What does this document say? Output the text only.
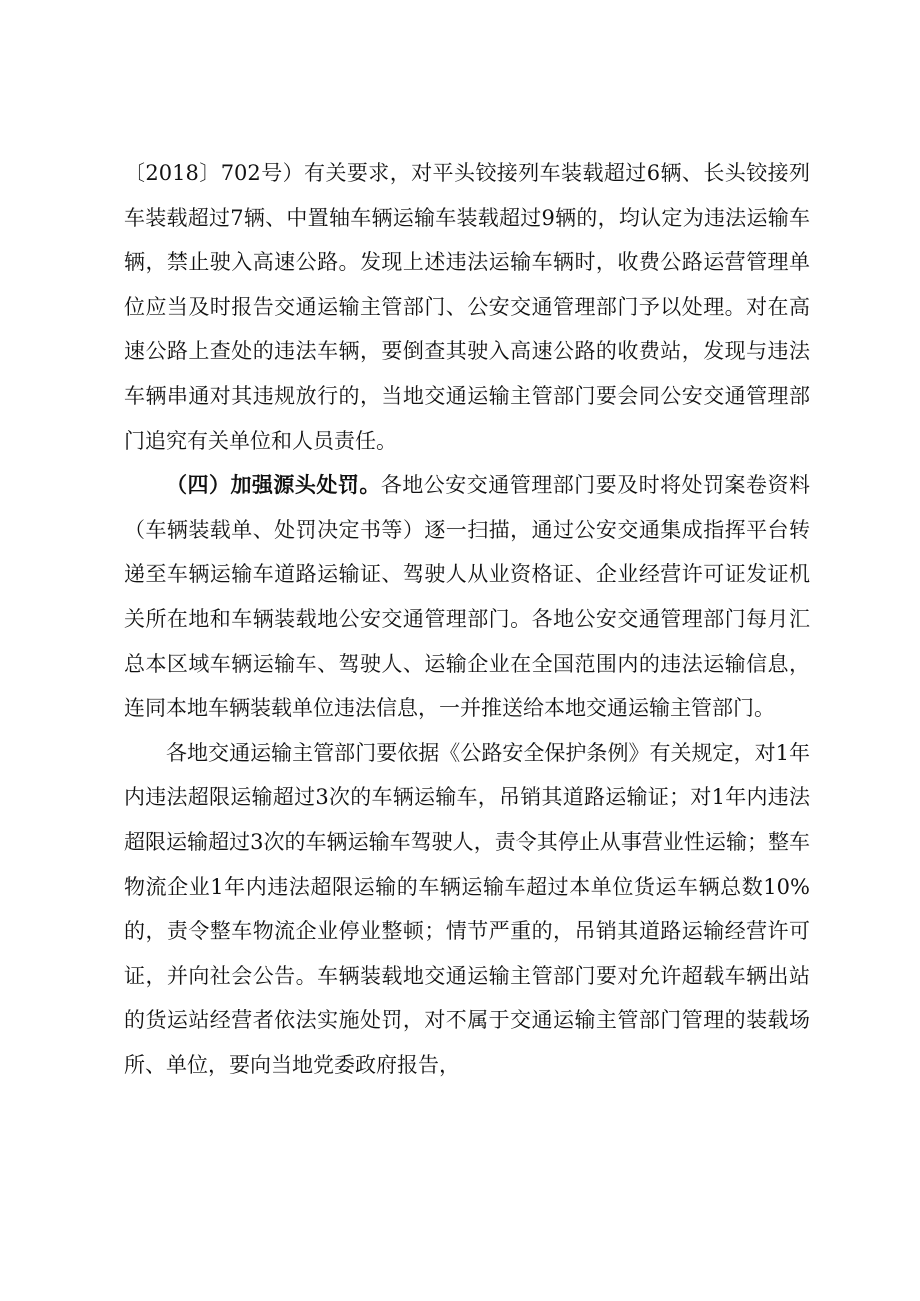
〔2018〕702号）有关要求，对平头铰接列车装载超过6辆、长头铰接列车装载超过7辆、中置轴车辆运输车装载超过9辆的，均认定为违法运输车辆，禁止驶入高速公路。发现上述违法运输车辆时，收费公路运营管理单位应当及时报告交通运输主管部门、公安交通管理部门予以处理。对在高速公路上查处的违法车辆，要倒查其驶入高速公路的收费站，发现与违法车辆串通对其违规放行的，当地交通运输主管部门要会同公安交通管理部门追究有关单位和人员责任。

（四）加强源头处罚。各地公安交通管理部门要及时将处罚案卷资料（车辆装载单、处罚决定书等）逐一扫描，通过公安交通集成指挥平台转递至车辆运输车道路运输证、驾驶人从业资格证、企业经营许可证发证机关所在地和车辆装载地公安交通管理部门。各地公安交通管理部门每月汇总本区域车辆运输车、驾驶人、运输企业在全国范围内的违法运输信息，连同本地车辆装载单位违法信息，一并推送给本地交通运输主管部门。

各地交通运输主管部门要依据《公路安全保护条例》有关规定，对1年内违法超限运输超过3次的车辆运输车，吊销其道路运输证；对1年内违法超限运输超过3次的车辆运输车驾驶人，责令其停止从事营业性运输；整车物流企业1年内违法超限运输的车辆运输车超过本单位货运车辆总数10%的，责令整车物流企业停业整顿；情节严重的，吊销其道路运输经营许可证，并向社会公告。车辆装载地交通运输主管部门要对允许超载车辆出站的货运站经营者依法实施处罚，对不属于交通运输主管部门管理的装载场所、单位，要向当地党委政府报告，
